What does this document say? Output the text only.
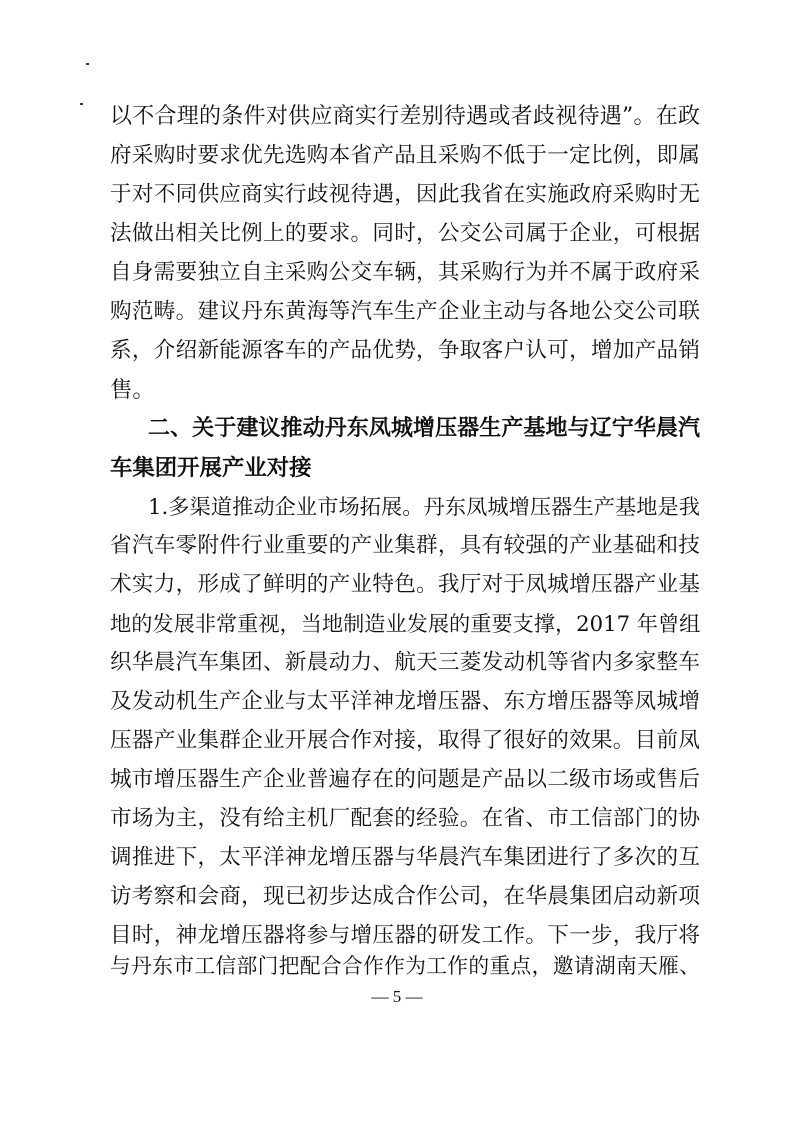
以不合理的条件对供应商实行差别待遇或者歧视待遇”。在政
府采购时要求优先选购本省产品且采购不低于一定比例，即属
于对不同供应商实行歧视待遇，因此我省在实施政府采购时无
法做出相关比例上的要求。同时，公交公司属于企业，可根据
自身需要独立自主采购公交车辆，其采购行为并不属于政府采
购范畴。建议丹东黄海等汽车生产企业主动与各地公交公司联
系，介绍新能源客车的产品优势，争取客户认可，增加产品销
售。
二、关于建议推动丹东凤城增压器生产基地与辽宁华晨汽
车集团开展产业对接
1.多渠道推动企业市场拓展。丹东凤城增压器生产基地是我
省汽车零附件行业重要的产业集群，具有较强的产业基础和技
术实力，形成了鲜明的产业特色。我厅对于凤城增压器产业基
地的发展非常重视，当地制造业发展的重要支撑，2017 年曾组
织华晨汽车集团、新晨动力、航天三菱发动机等省内多家整车
及发动机生产企业与太平洋神龙增压器、东方增压器等凤城增
压器产业集群企业开展合作对接，取得了很好的效果。目前凤
城市增压器生产企业普遍存在的问题是产品以二级市场或售后
市场为主，没有给主机厂配套的经验。在省、市工信部门的协
调推进下，太平洋神龙增压器与华晨汽车集团进行了多次的互
访考察和会商，现已初步达成合作公司，在华晨集团启动新项
目时，神龙增压器将参与增压器的研发工作。下一步，我厅将
与丹东市工信部门把配合合作作为工作的重点，邀请湖南天雁、
— 5 —
